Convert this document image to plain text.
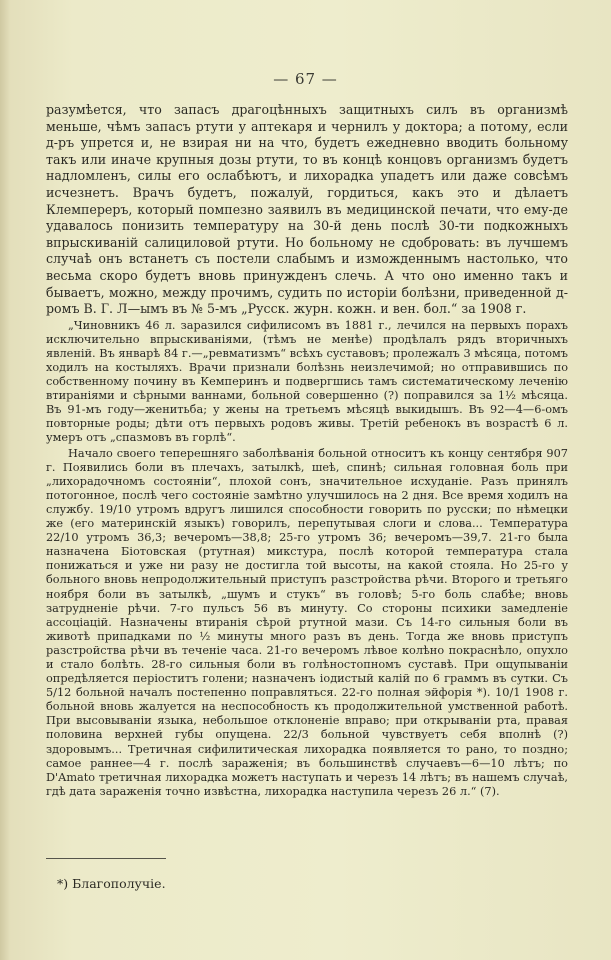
— 67 —

разумѣется, что запасъ драгоцѣнныхъ защитныхъ силъ въ организмѣ меньше, чѣмъ запасъ ртути у аптекаря и чернилъ у доктора; а потому, если д-ръ упрется и, не взирая ни на что, будетъ ежедневно вводить больному такъ или иначе крупныя дозы ртути, то въ концѣ концовъ организмъ будетъ надломленъ, силы его ослабѣютъ, и лихорадка упадетъ или даже совсѣмъ исчезнетъ. Врачъ будетъ, пожалуй, гордиться, какъ это и дѣлаетъ Клемпереръ, который помпезно заявилъ въ медицинской печати, что ему-де удавалось понизить температуру на 30-й день послѣ 30-ти подкожныхъ впрыскиваній салициловой ртути. Но больному не сдобровать: въ лучшемъ случаѣ онъ встанетъ съ постели слабымъ и изможденнымъ настолько, что весьма скоро будетъ вновь принужденъ слечь. А что оно именно такъ и бываетъ, можно, между прочимъ, судить по исторіи болѣзни, приведенной д-ромъ В. Г. Л—ымъ въ № 5-мъ „Русск. журн. кожн. и вен. бол.“ за 1908 г.

„Чиновникъ 46 л. заразился сифилисомъ въ 1881 г., лечился на первыхъ порахъ исключительно впрыскиваніями, (тѣмъ не менѣе) продѣлалъ рядъ вторичныхъ явленій. Въ январѣ 84 г.—„ревматизмъ“ всѣхъ суставовъ; пролежалъ 3 мѣсяца, потомъ ходилъ на костыляхъ. Врачи признали болѣзнь неизлечимой; но отправившись по собственному почину въ Кемперинъ и подвергшись тамъ систематическому леченію втираніями и сѣрными ваннами, больной совершенно (?) поправился за 1½ мѣсяца. Въ 91-мъ году—женитьба; у жены на третьемъ мѣсяцѣ выкидышъ. Въ 92—4—6-омъ повторные роды; дѣти отъ первыхъ родовъ живы. Третій ребенокъ въ возрастѣ 6 л. умеръ отъ „спазмовъ въ горлѣ“.

Начало своего теперешняго заболѣванія больной относитъ къ концу сентября 907 г. Появились боли въ плечахъ, затылкѣ, шеѣ, спинѣ; сильная головная боль при „лихорадочномъ состояніи“, плохой сонъ, значительное исхуданіе. Разъ принялъ потогонное, послѣ чего состояніе замѣтно улучшилось на 2 дня. Все время ходилъ на службу. 19/10 утромъ вдругъ лишился способности говорить по русски; по нѣмецки же (его материнскій языкъ) говорилъ, перепутывая слоги и слова... Температура 22/10 утромъ 36,3; вечеромъ—38,8; 25-го утромъ 36; вечеромъ—39,7. 21-го была назначена Біотовская (ртутная) микстура, послѣ которой температура стала понижаться и уже ни разу не достигла той высоты, на какой стояла. Но 25-го у больного вновь непродолжительный приступъ разстройства рѣчи. Второго и третьяго ноября боли въ затылкѣ, „шумъ и стукъ“ въ головѣ; 5-го боль слабѣе; вновь затрудненіе рѣчи. 7-го пульсъ 56 въ минуту. Со стороны психики замедленіе ассоціацій. Назначены втиранія сѣрой ртутной мази. Съ 14-го сильныя боли въ животѣ припадками по ½ минуты много разъ въ день. Тогда же вновь приступъ разстройства рѣчи въ теченіе часа. 21-го вечеромъ лѣвое колѣно покраснѣло, опухло и стало болѣть. 28-го сильныя боли въ голѣностопномъ суставѣ. При ощупываніи опредѣляется періоститъ голени; назначенъ іодистый калій по 6 граммъ въ сутки. Съ 5/12 больной началъ постепенно поправляться. 22-го полная эйфорія *). 10/1 1908 г. больной вновь жалуется на неспособность къ продолжительной умственной работѣ. При высовываніи языка, небольшое отклоненіе вправо; при открываніи рта, правая половина верхней губы опущена. 22/3 больной чувствуетъ себя вполнѣ (?) здоровымъ... Третичная сифилитическая лихорадка появляется то рано, то поздно; самое раннее—4 г. послѣ зараженія; въ большинствѣ случаевъ—6—10 лѣтъ; по D'Amato третичная лихорадка можетъ наступать и черезъ 14 лѣтъ; въ нашемъ случаѣ, гдѣ дата зараженія точно извѣстна, лихорадка наступила черезъ 26 л.“ (7).

*) Благополучіе.
